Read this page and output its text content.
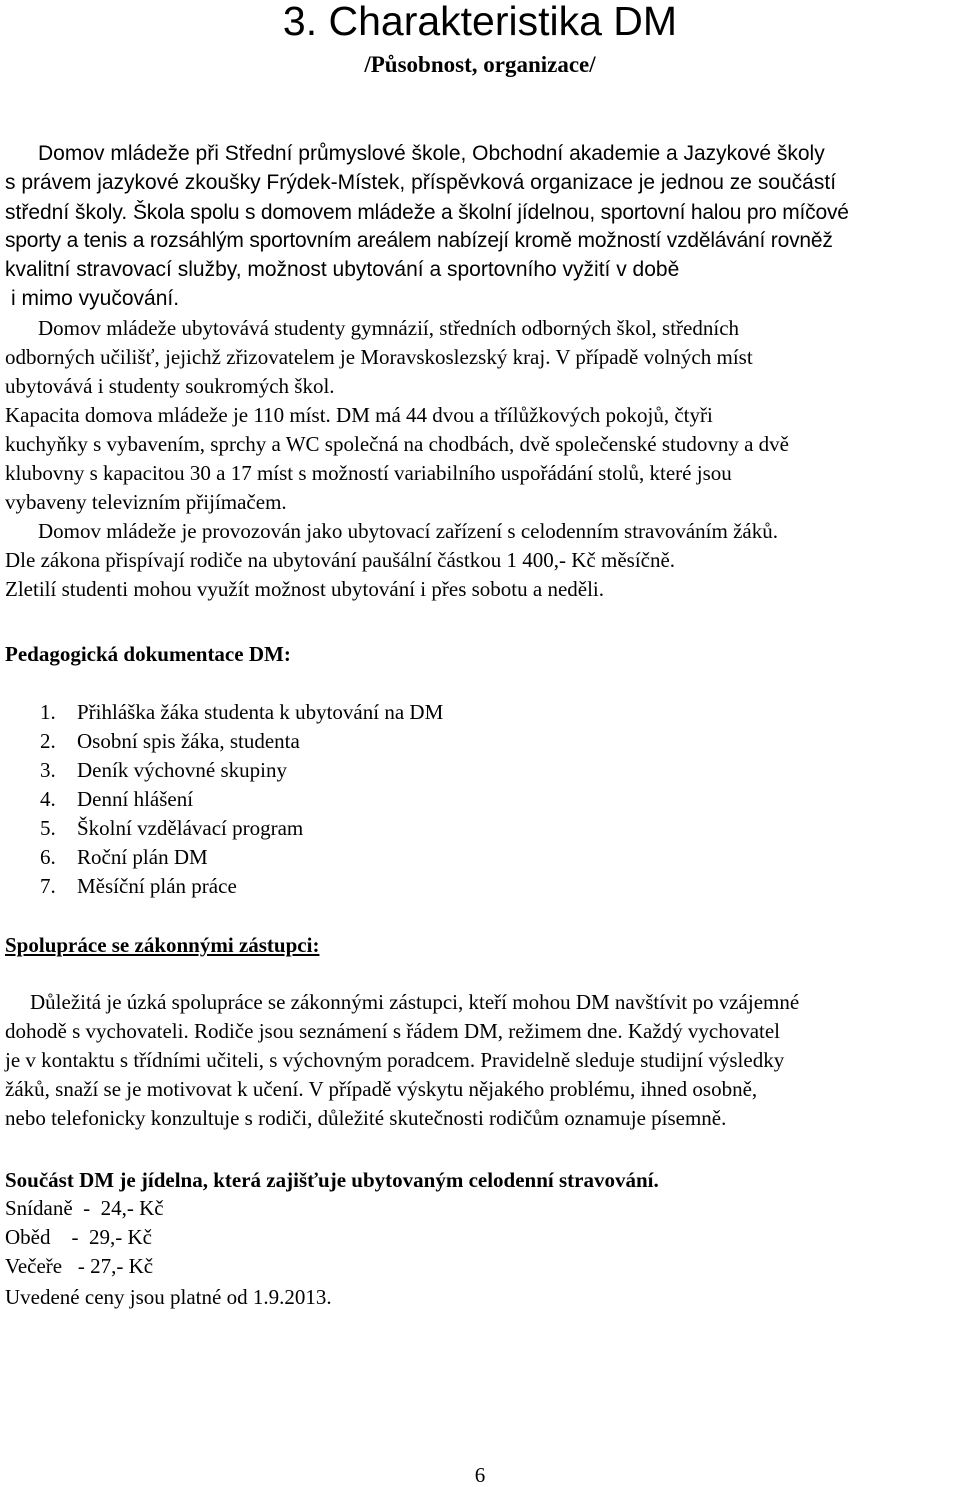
3. Charakteristika DM
/Působnost, organizace/
Domov mládeže při Střední průmyslové škole, Obchodní akademie a Jazykové školy
s právem jazykové zkoušky Frýdek-Místek, příspěvková organizace je jednou ze součástí
střední školy. Škola spolu s domovem mládeže a školní jídelnou, sportovní halou pro míčové
sporty a tenis a rozsáhlým sportovním areálem nabízejí kromě možností vzdělávání rovněž
kvalitní stravovací služby, možnost ubytování a sportovního vyžití v době
i mimo vyučování.
Domov mládeže ubytovává studenty gymnázií, středních odborných škol, středních
odborných učilišť, jejichž zřizovatelem je Moravskoslezský kraj. V případě volných míst
ubytovává i studenty soukromých škol.
Kapacita domova mládeže je 110 míst. DM má 44 dvou a třílůžkových pokojů, čtyři
kuchyňky s vybavením, sprchy a WC společná na chodbách, dvě společenské studovny a dvě
klubovny s kapacitou 30 a 17 míst s možností variabilního uspořádání stolů, které jsou
vybaveny televizním přijímačem.
Domov mládeže je provozován jako ubytovací zařízení s celodenním stravováním žáků.
Dle zákona přispívají rodiče na ubytování paušální částkou 1 400,- Kč měsíčně.
Zletilí studenti mohou využít možnost ubytování i přes sobotu a neděli.
Pedagogická dokumentace DM:
1. Přihláška žáka studenta k ubytování na DM
2. Osobní spis žáka, studenta
3. Deník výchovné skupiny
4. Denní hlášení
5. Školní vzdělávací program
6. Roční plán DM
7. Měsíční plán práce
Spolupráce se zákonnými zástupci:
Důležitá je úzká spolupráce se zákonnými zástupci, kteří mohou DM navštívit po vzájemné
dohodě s vychovateli. Rodiče jsou seznámení s řádem DM, režimem dne. Každý vychovatel
je v kontaktu s třídními učiteli, s výchovným poradcem. Pravidelně sleduje studijní výsledky
žáků, snaží se je motivovat k učení. V případě výskytu nějakého problému, ihned osobně,
nebo telefonicky konzultuje s rodiči, důležité skutečnosti rodičům oznamuje písemně.
Součást DM je jídelna, která zajišťuje ubytovaným celodenní stravování.
Snídaně  -  24,- Kč
Oběd    -  29,- Kč
Večeře   - 27,- Kč
Uvedené ceny jsou platné od 1.9.2013.
6
